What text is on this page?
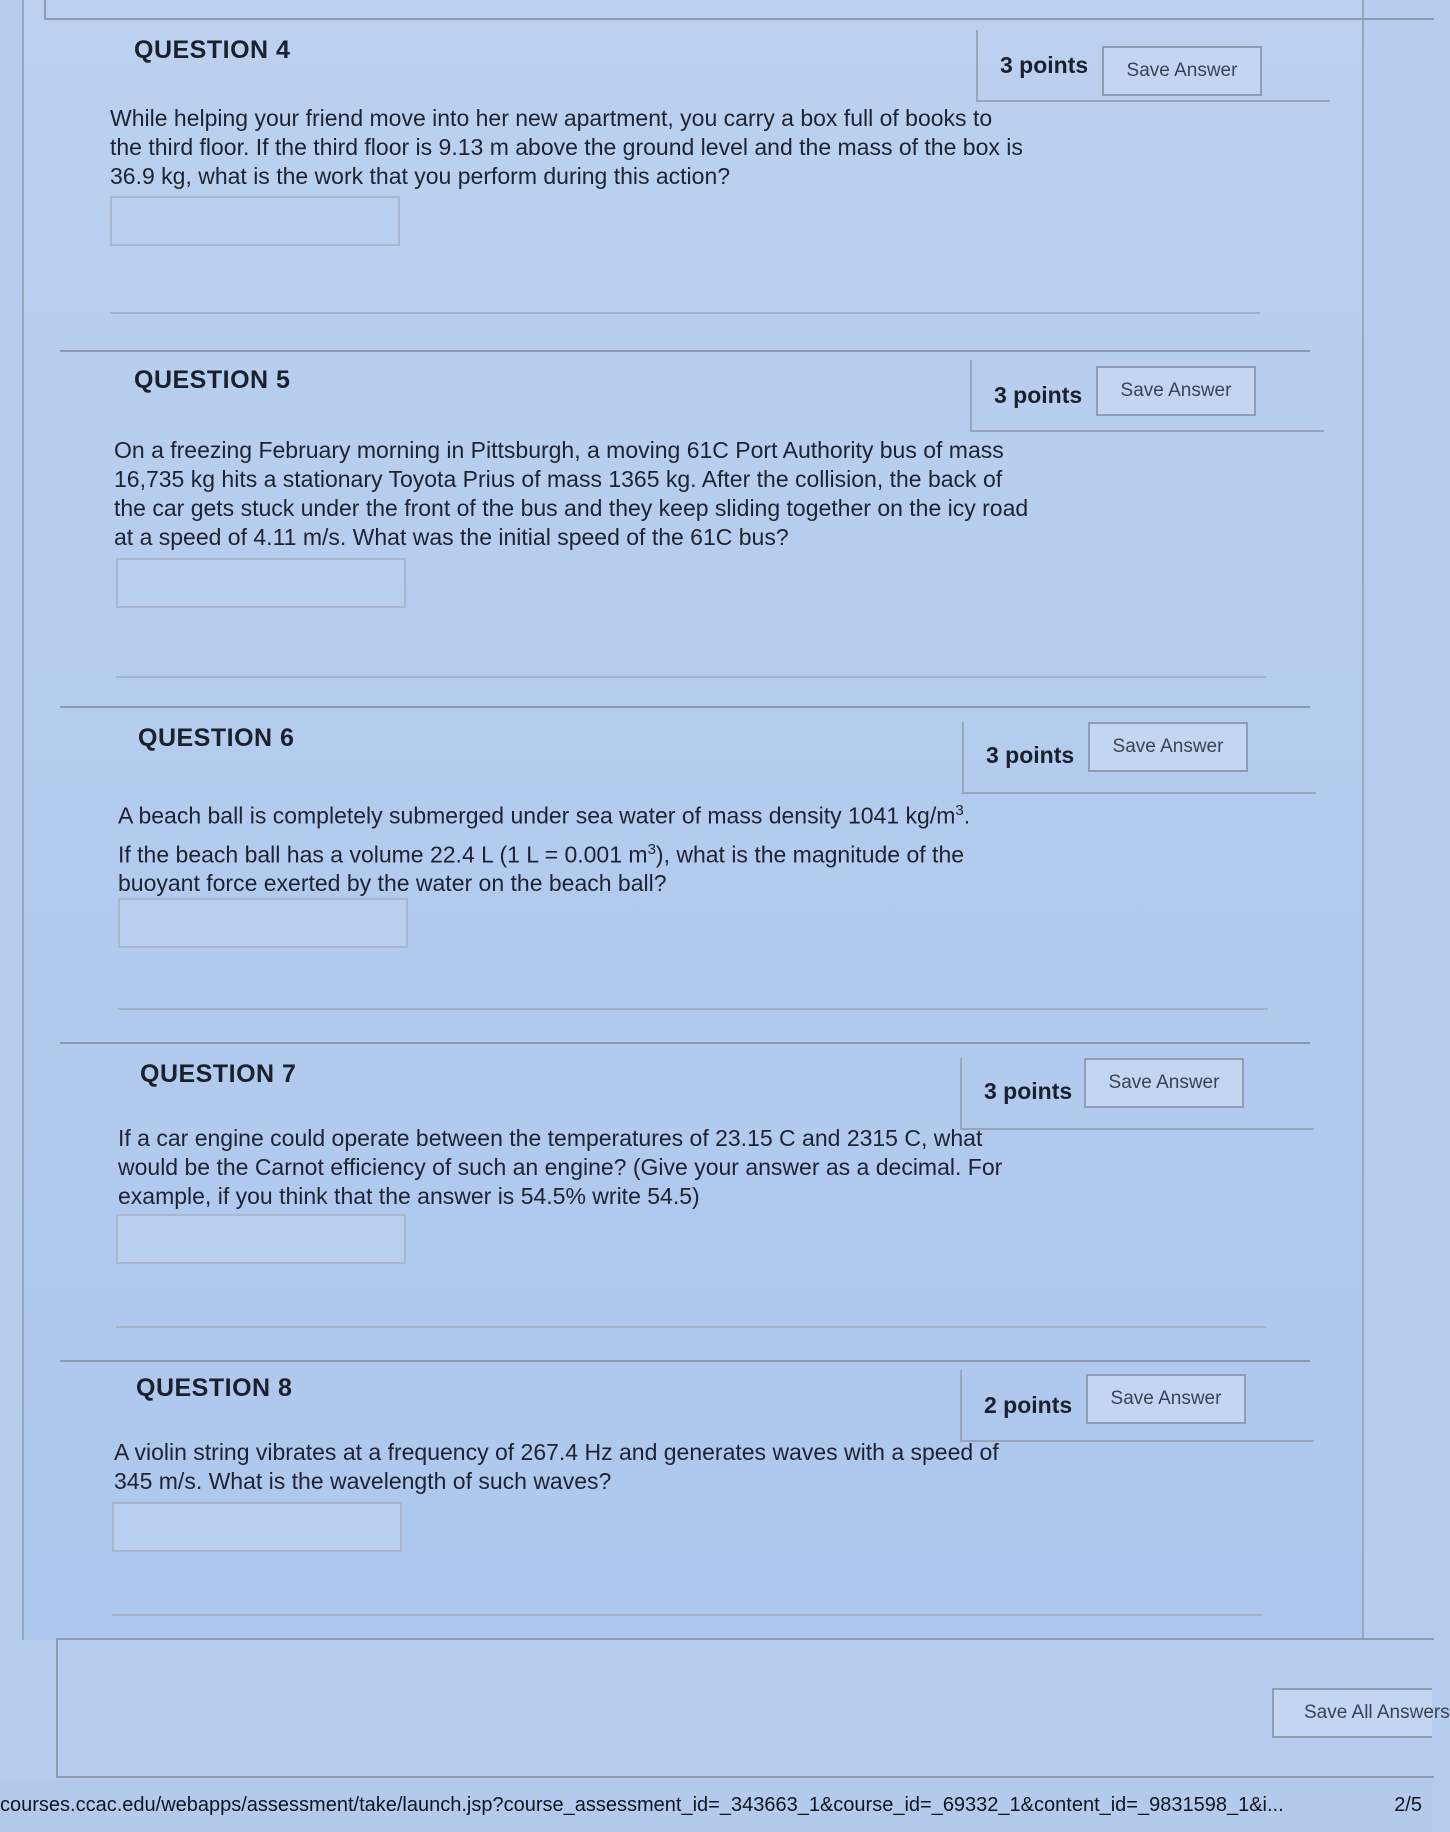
QUESTION 4
3 points	Save Answer

While helping your friend move into her new apartment, you carry a box full of books to the third floor. If the third floor is 9.13 m above the ground level and the mass of the box is 36.9 kg, what is the work that you perform during this action?

QUESTION 5
3 points	Save Answer

On a freezing February morning in Pittsburgh, a moving 61C Port Authority bus of mass 16,735 kg hits a stationary Toyota Prius of mass 1365 kg. After the collision, the back of the car gets stuck under the front of the bus and they keep sliding together on the icy road at a speed of 4.11 m/s. What was the initial speed of the 61C bus?

QUESTION 6
3 points	Save Answer

A beach ball is completely submerged under sea water of mass density 1041 $kg/m^3$.

If the beach ball has a volume 22.4 L (1 L = 0.001 $m^3$), what is the magnitude of the buoyant force exerted by the water on the beach ball?

QUESTION 7
3 points	Save Answer

If a car engine could operate between the temperatures of 23.15 C and 2315 C, what would be the Carnot efficiency of such an engine? (Give your answer as a decimal. For example, if you think that the answer is 54.5% write 54.5)

QUESTION 8
2 points	Save Answer

A violin string vibrates at a frequency of 267.4 Hz and generates waves with a speed of 345 m/s. What is the wavelength of such waves?

Save All Answers
courses.ccac.edu/webapps/assessment/take/launch.jsp?course_assessment_id=_343663_1&course_id=_69332_1&content_id=_9831598_1&i...	2/5
